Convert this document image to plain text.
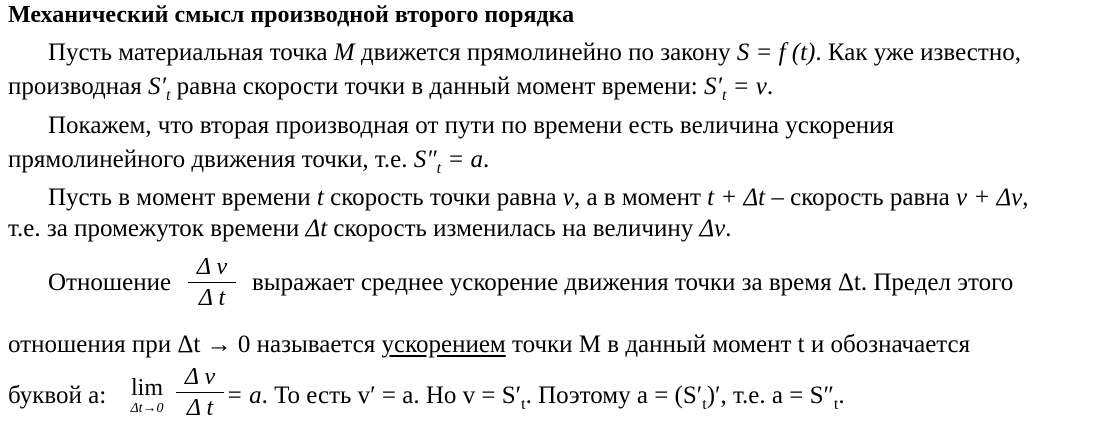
Механический смысл производной второго порядка
Пусть материальная точка M движется прямолинейно по закону S = f (t). Как уже известно,
производная $S'_t$ равна скорости точки в данный момент времени: $S'_t = v$.
Покажем, что вторая производная от пути по времени есть величина ускорения
прямолинейного движения точки, т.е. $S''_t = a$.
Пусть в момент времени t скорость точки равна v, а в момент t + Δt – скорость равна v + Δv,
т.е. за промежуток времени Δt скорость изменилась на величину Δv.
Отношение
Δ v
Δ t
выражает среднее ускорение движения точки за время Δt. Предел этого
отношения при Δt → 0 называется ускорением точки M в данный момент t и обозначается
буквой a: lim
Δt→0
Δ v
Δ t = a. То есть v′ = a. Но $v = S'_t$. Поэтому $a = (S'_t)'$, т.е. $a = S''_t$.
